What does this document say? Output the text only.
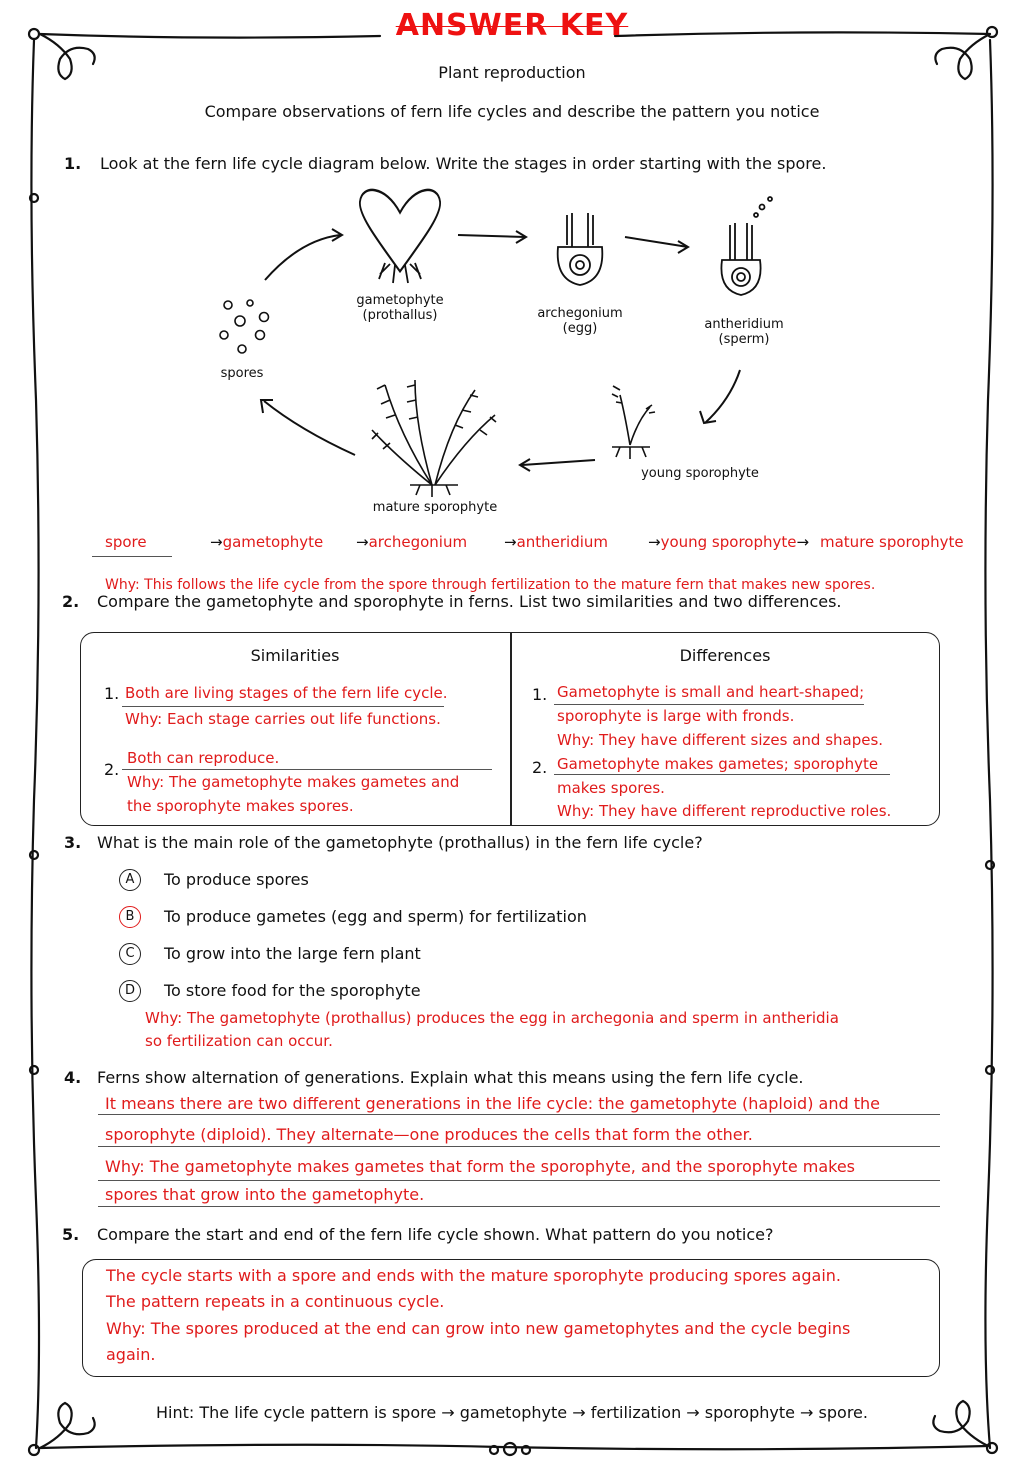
ANSWER KEY
Plant reproduction
Compare observations of fern life cycles and describe the pattern you notice
1. Look at the fern life cycle diagram below. Write the stages in order starting with the spore.
spores
gametophyte
(prothallus)	archegonium
(egg)	antheridium
(sperm)
young sporophyte
mature sporophyte
spore	→gametophyte →archegonium →antheridium	→young sporophyte→ mature sporophyte
Why: This follows the life cycle from the spore through fertilization to the mature fern that makes new spores.
2. Compare the gametophyte and sporophyte in ferns. List two similarities and two differences.
Similarities	Differences
1. Both are living stages of the fern life cycle.
Why: Each stage carries out life functions.
2.
Both can reproduce.
Why: The gametophyte makes gametes and
the sporophyte makes spores.
1. Gametophyte is small and heart-shaped;
sporophyte is large with fronds.
Why: They have different sizes and shapes.
2. Gametophyte makes gametes; sporophyte
makes spores.
Why: They have different reproductive roles.
3. What is the main role of the gametophyte (prothallus) in the fern life cycle?
A	To produce spores
B	To produce gametes (egg and sperm) for fertilization
C	To grow into the large fern plant
D	To store food for the sporophyte
Why: The gametophyte (prothallus) produces the egg in archegonia and sperm in antheridia
so fertilization can occur.
4. Ferns show alternation of generations. Explain what this means using the fern life cycle.
It means there are two different generations in the life cycle: the gametophyte (haploid) and the
sporophyte (diploid). They alternate—one produces the cells that form the other.
Why: The gametophyte makes gametes that form the sporophyte, and the sporophyte makes
spores that grow into the gametophyte.
5. Compare the start and end of the fern life cycle shown. What pattern do you notice?
The cycle starts with a spore and ends with the mature sporophyte producing spores again.
The pattern repeats in a continuous cycle.
Why: The spores produced at the end can grow into new gametophytes and the cycle begins
again.
Hint: The life cycle pattern is spore → gametophyte → fertilization → sporophyte → spore.
